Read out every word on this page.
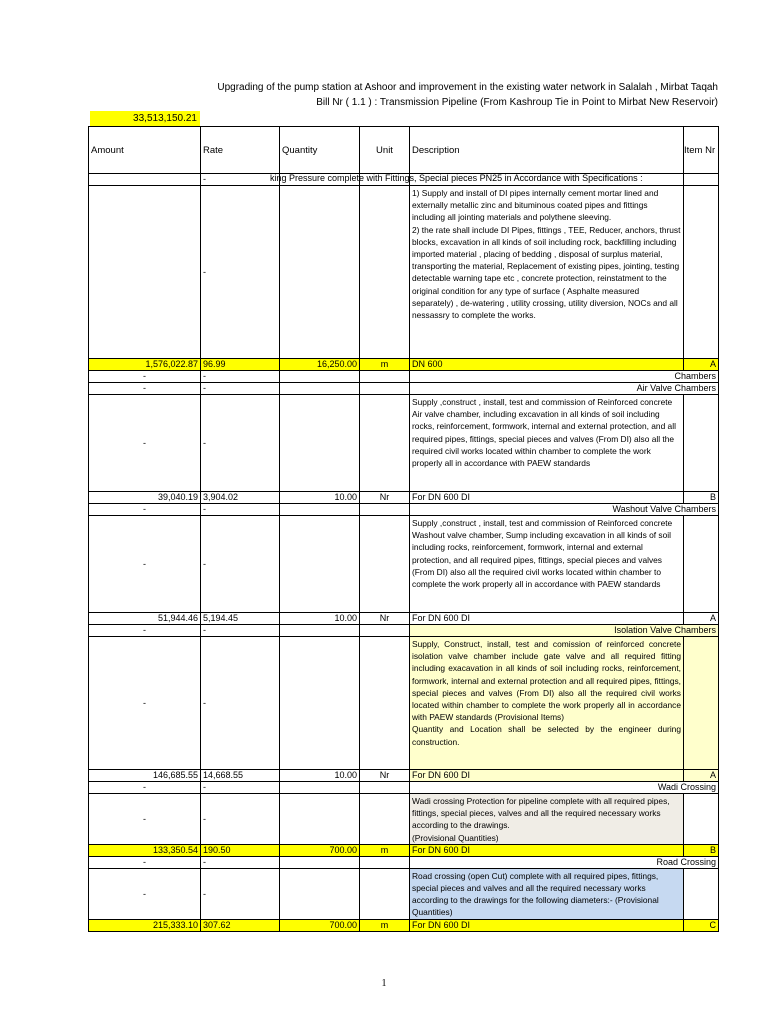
Upgrading of the pump station at Ashoor and improvement in the existing water network in Salalah , Mirbat Taqah
Bill Nr ( 1.1 ) : Transmission Pipeline (From Kashroup Tie in Point to Mirbat New Reservoir)
33,513,150.21
Amount	Rate	Quantity	Unit	Description	Item Nr
	-	king Pressure complete with Fittings, Special pieces PN25 in Accordance with Specifications :			

	-			1) Supply and install of DI pipes internally cement mortar lined and externally metallic zinc and bituminous coated pipes and fittings including all jointing materials and polythene sleeving.
2) the rate shall include DI Pipes, fittings , TEE, Reducer, anchors, thrust blocks, excavation in all kinds of soil including rock, backfilling including imported material , placing of bedding , disposal of surplus material, transporting the material, Replacement of existing pipes, jointing, testing detectable warning tape etc , concrete protection, reinstatment to the original condition for any type of surface ( Asphalte measured separately) , de-watering , utility crossing, utility diversion, NOCs and all nessassry to complete the works.	
1,576,022.87	96.99	16,250.00	m	DN 600	A
-	-			Chambers	
-	-			Air Valve Chambers	
-	-			Supply ,construct , install, test and commission of Reinforced concrete Air valve chamber, including excavation in all kinds of soil including rocks, reinforcement, formwork, internal and external protection, and all required pipes, fittings, special pieces and valves (From DI) also all the required civil works located within chamber to complete the work properly all in accordance with PAEW standards	
39,040.19	3,904.02	10.00	Nr	For DN 600 DI	B
-	-			Washout Valve Chambers	
-	-			Supply ,construct , install, test and commission of Reinforced concrete Washout valve chamber, Sump including excavation in all kinds of soil including rocks, reinforcement, formwork, internal and external protection, and all required pipes, fittings, special pieces and valves (From DI) also all the required civil works located within chamber to complete the work properly all in accordance with PAEW standards	
51,944.46	5,194.45	10.00	Nr	For DN 600 DI	A
-	-			Isolation Valve Chambers	
-	-			Supply, Construct, install, test and comission of reinforced concrete isolation valve chamber include gate valve and all required fitting including exacavation in all kinds of soil including rocks, reinforcement, formwork, internal and external protection and all required pipes, fittings, special pieces and valves (From DI) also all the required civil works located within chamber to complete the work properly all in accordance with PAEW standards (Provisional Items)
Quantity and Location shall be selected by the engineer during construction.	
146,685.55	14,668.55	10.00	Nr	For DN 600 DI	A
-	-			Wadi Crossing	
-	-			Wadi crossing Protection for pipeline complete with all required pipes, fittings, special pieces, valves and all the required necessary works according to the drawings.
(Provisional Quantities)	
133,350.54	190.50	700.00	m	For DN 600 DI	B
-	-			Road Crossing	
-	-			Road crossing (open Cut) complete with all required pipes, fittings, special pieces and valves and all the required necessary works according to the drawings for the following diameters:- (Provisional Quantities)	
215,333.10	307.62	700.00	m	For DN 600 DI	C
1
